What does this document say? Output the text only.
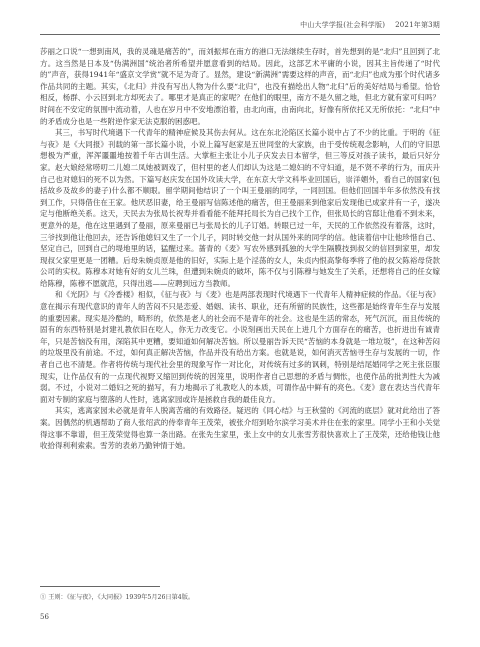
中山大学学报(社会科学版) 2021年第3期

莎丽之口说“一想到南风，我的灵魂是痛苦的”，而刘振邦在南方的港口无法继续生存时，首先想到的是“北归”且回到了北方。这当然是日本及“伪满洲国”统治者所希望并愿意看到的结局。因此，这部艺术平庸的小说，因其主旨传递了“时代的”声音，获得1941年“盛京文学赏”就不足为奇了。显然，建设“新满洲”需要这样的声音，而“北归”也成为那个时代诸多作品共同的主题。其实，《北归》并没有写出人物为什么要“北归”，也没有描绘出人物“北归”后的美好结局与希望。恰恰相反，杨群、小云回到北方却死去了。哪里才是真正的家呢？在他们的眼里，南方不是久留之地，但北方就有家可归吗？时间在不安定的氛围中流动着，人也在岁月中不安地漂泊着，由北向南，由南向北，好像有所依托又无所依托：“北归”中的矛盾成分也是一些附逆作家无法克服的困惑吧。

其三，书写时代境遇下一代青年的精神症候及其伤去何从。这在东北沦陷区长篇小说中占了不少的比重。于明的《征与夜》是《大同报》刊载的第一部长篇小说，小说上篇写赵家是五世同堂的大家族，由于受传统观念影响，人们的守旧思想极为严重，浑浑噩噩地按着千年古训生活。大掌柜主张让小儿子庆发去日本留学，但三等反对孩子读书，最后只好分家。赵大娘经常唠叨二儿媳二凤她被调戏了，但村里的老人们却认为这是二媳妇的不守妇道，是不贤不孝的行为，而庆升自己也对媳妇的死不以为然。下篇写赵庆发在国外攻读大学，在东京大学文科毕业回国后，崇洋媚外，看自己的国家(包括故乡及故乡的妻子)什么都不顺眼。留学期间他结识了一个叫王曼丽的同学，一同回国。但他们回国半年多依然没有找到工作，只得借住在王家。他厌恶旧妻，给王曼丽写信陈述他的痛苦，但王曼丽来到他家后发现他已成家并有一子，遂决定与他断绝关系。这天，天民去为张局长祝寿并看看能不能拜托局长为自己找个工作，但张局长的官邸让他看不到未来，更意外的是，他在这里遇到了曼丽，原来曼丽已与张局长的儿子订婚。转眼已过一年，天民的工作依然没有着落，这时，三爷找到他让他回去，还告诉他媳妇又生了一个儿子，同时转交他一封从国外来的同学的信。他读着信中让他珍惜自己、坚定自己，回到自己的堤地里的话，猛醒过来。蔷青的《麦》写农外感到孤独的大学生隔膜技到叔父的信回到家里，却发现叔父家里更是一团糟。后母朱婉贞原是他的旧好，实际上是个淫荡的女人，朱贞内恨高挚每季将了他的叔父陈裕母贷款公司的实权。陈穆本对她有好的女儿兰珠，但遭到朱婉贞的破坏，陈不仅与引陈穆与她发生了关系，还想将自己的任女嫁给陈穆，陈穆不愿就范，只得出逃——应聘到远方当教师。

和《光阴》与《冷香楼》相似，《征与夜》与《麦》也是两部表现时代境遇下一代青年人精神症候的作品。《征与夜》意在揭示有现代意识的青年人的苦闷不只是恋爱、婚姻、读书、职业，还有所留的民族性，这些都是始终青年生存与发展的重要因素。现实是冷酷的，畸形的，依然是老人的社会而不是青年的社会。这也是生活的常态，死气沉沉，而且传统的固有的东西特别是封建礼教依旧在吃人，你无力改变它。小说刻画出天民在上进几个方面存在的痛苦，也折进出有诚青年，只是苦恼没有用，深陷其中更糟，要知道如何解决苦恼。所以曼丽告诉天民“苦恼的本身就是一堆垃圾”，在这种苦闷的垃圾里没有前途。不过，如何真正解决苦恼，作品并没有给出方案。也就是说，如何消灭苦恼寻生存与发展的一切，作者自己也不清楚。作者将传统与现代社会里的现象写作一对比化，对传统有过多的讽刺，特别是结尾婚同学之死主张臣服现实，让作品仅有的一点现代视野又缩回到传统的因笼里，说明作者自己思想的矛盾与惆怅，也使作品的批判性大为减弱。不过，小说对二婚妇之死的描写，有力地揭示了礼教吃人的本质，可谓作品中鲜有的亮色。《麦》意在表达当代青年面对专制的家庭与堕落的人性时，逃离家园或许是拯救自我的最佳良方。

其实，逃离家园未必就是青年人脱离苦痛的有效路径。疑迟的《同心结》与王秋萤的《河流的底层》就对此给出了答案。因偶然的机遇帮助了商人张绍武的侍奉青年王茂荣，被张介绍到哈尔滨学习美术并住在张的家里。同学小王和小关觉得这事不靠谱，但王茂荣觉得也算一条出路。在张先生家里，张上女中的女儿张雪芳很快喜欢上了王茂荣，还给他钱让他收拾得利利索索。雪芳的表弟乃勤钟情于她。

① 王则：《征与夜》，《大同报》1939年5月26日第4版。
56
